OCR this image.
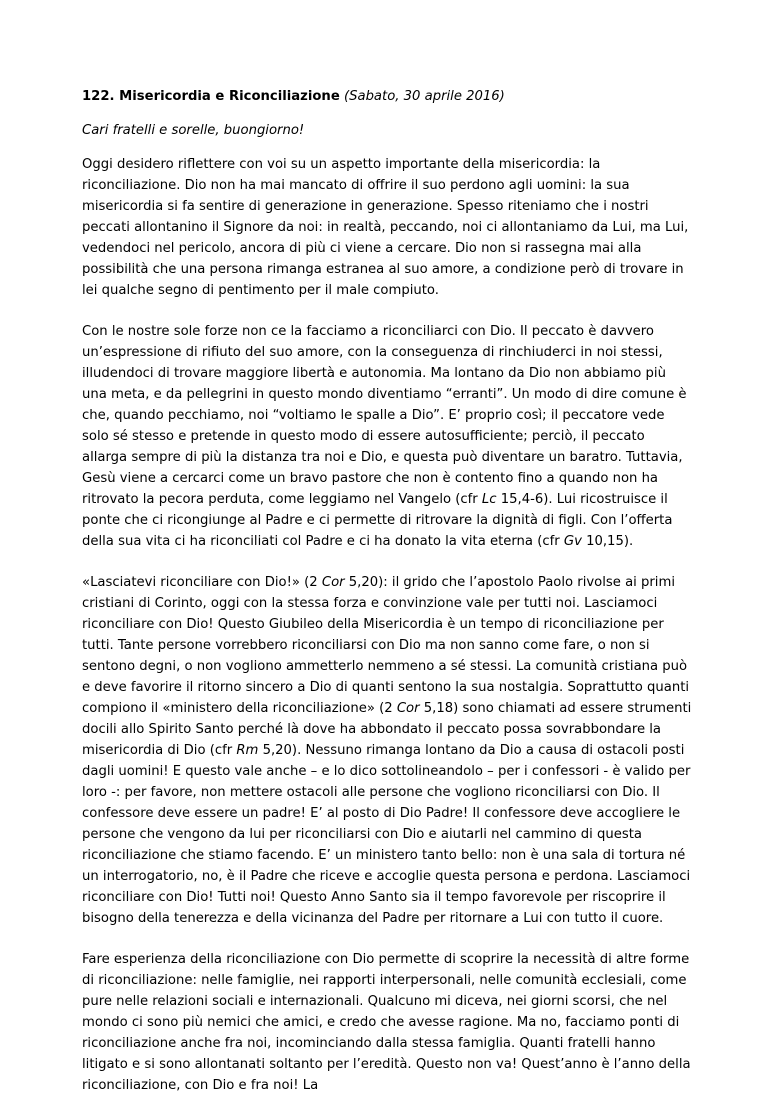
122. Misericordia e Riconciliazione (Sabato, 30 aprile 2016)

Cari fratelli e sorelle, buongiorno!

Oggi desidero riflettere con voi su un aspetto importante della misericordia: la riconciliazione. Dio non ha mai mancato di offrire il suo perdono agli uomini: la sua misericordia si fa sentire di generazione in generazione. Spesso riteniamo che i nostri peccati allontanino il Signore da noi: in realtà, peccando, noi ci allontaniamo da Lui, ma Lui, vedendoci nel pericolo, ancora di più ci viene a cercare. Dio non si rassegna mai alla possibilità che una persona rimanga estranea al suo amore, a condizione però di trovare in lei qualche segno di pentimento per il male compiuto.

Con le nostre sole forze non ce la facciamo a riconciliarci con Dio. Il peccato è davvero un’espressione di rifiuto del suo amore, con la conseguenza di rinchiuderci in noi stessi, illudendoci di trovare maggiore libertà e autonomia. Ma lontano da Dio non abbiamo più una meta, e da pellegrini in questo mondo diventiamo “erranti”. Un modo di dire comune è che, quando pecchiamo, noi “voltiamo le spalle a Dio”. E’ proprio così; il peccatore vede solo sé stesso e pretende in questo modo di essere autosufficiente; perciò, il peccato allarga sempre di più la distanza tra noi e Dio, e questa può diventare un baratro. Tuttavia, Gesù viene a cercarci come un bravo pastore che non è contento fino a quando non ha ritrovato la pecora perduta, come leggiamo nel Vangelo (cfr Lc 15,4-6). Lui ricostruisce il ponte che ci ricongiunge al Padre e ci permette di ritrovare la dignità di figli. Con l’offerta della sua vita ci ha riconciliati col Padre e ci ha donato la vita eterna (cfr Gv 10,15).

«Lasciatevi riconciliare con Dio!» (2 Cor 5,20): il grido che l’apostolo Paolo rivolse ai primi cristiani di Corinto, oggi con la stessa forza e convinzione vale per tutti noi. Lasciamoci riconciliare con Dio! Questo Giubileo della Misericordia è un tempo di riconciliazione per tutti. Tante persone vorrebbero riconciliarsi con Dio ma non sanno come fare, o non si sentono degni, o non vogliono ammetterlo nemmeno a sé stessi. La comunità cristiana può e deve favorire il ritorno sincero a Dio di quanti sentono la sua nostalgia. Soprattutto quanti compiono il «ministero della riconciliazione» (2 Cor 5,18) sono chiamati ad essere strumenti docili allo Spirito Santo perché là dove ha abbondato il peccato possa sovrabbondare la misericordia di Dio (cfr Rm 5,20). Nessuno rimanga lontano da Dio a causa di ostacoli posti dagli uomini! E questo vale anche – e lo dico sottolineandolo – per i confessori - è valido per loro -: per favore, non mettere ostacoli alle persone che vogliono riconciliarsi con Dio. Il confessore deve essere un padre! E’ al posto di Dio Padre! Il confessore deve accogliere le persone che vengono da lui per riconciliarsi con Dio e aiutarli nel cammino di questa riconciliazione che stiamo facendo. E’ un ministero tanto bello: non è una sala di tortura né un interrogatorio, no, è il Padre che riceve e accoglie questa persona e perdona. Lasciamoci riconciliare con Dio! Tutti noi! Questo Anno Santo sia il tempo favorevole per riscoprire il bisogno della tenerezza e della vicinanza del Padre per ritornare a Lui con tutto il cuore.

Fare esperienza della riconciliazione con Dio permette di scoprire la necessità di altre forme di riconciliazione: nelle famiglie, nei rapporti interpersonali, nelle comunità ecclesiali, come pure nelle relazioni sociali e internazionali. Qualcuno mi diceva, nei giorni scorsi, che nel mondo ci sono più nemici che amici, e credo che avesse ragione. Ma no, facciamo ponti di riconciliazione anche fra noi, incominciando dalla stessa famiglia. Quanti fratelli hanno litigato e si sono allontanati soltanto per l’eredità. Questo non va! Quest’anno è l’anno della riconciliazione, con Dio e fra noi! La
